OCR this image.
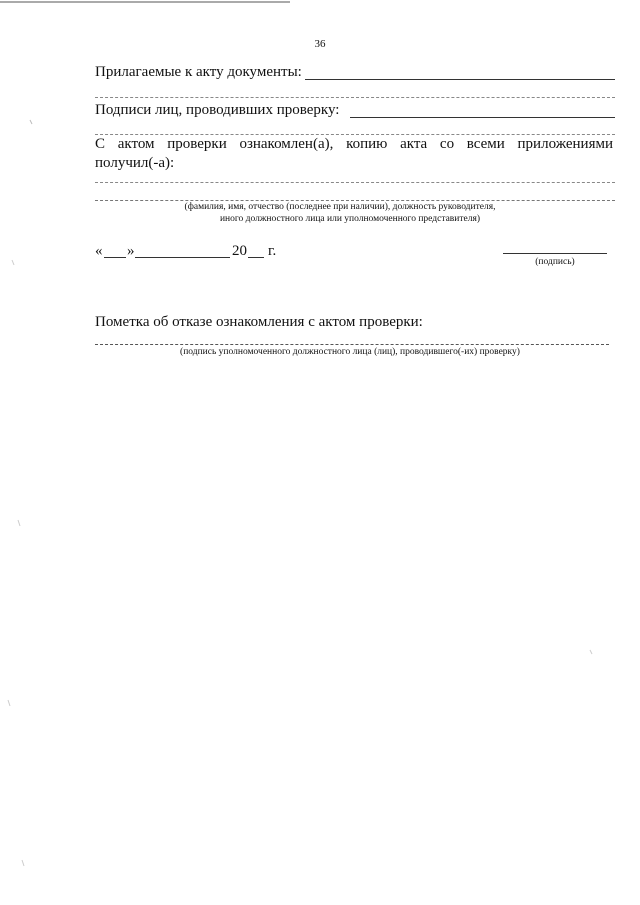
36
Прилагаемые к акту документы:
Подписи лиц, проводивших проверку:
С актом проверки ознакомлен(а), копию акта со всеми приложениями
получил(-а):
(фамилия, имя, отчество (последнее при наличии), должность руководителя,
иного должностного лица или уполномоченного представителя)
« »	20 г.
(подпись)
Пометка об отказе ознакомления с актом проверки:
(подпись уполномоченного должностного лица (лиц), проводившего(-их) проверку)
